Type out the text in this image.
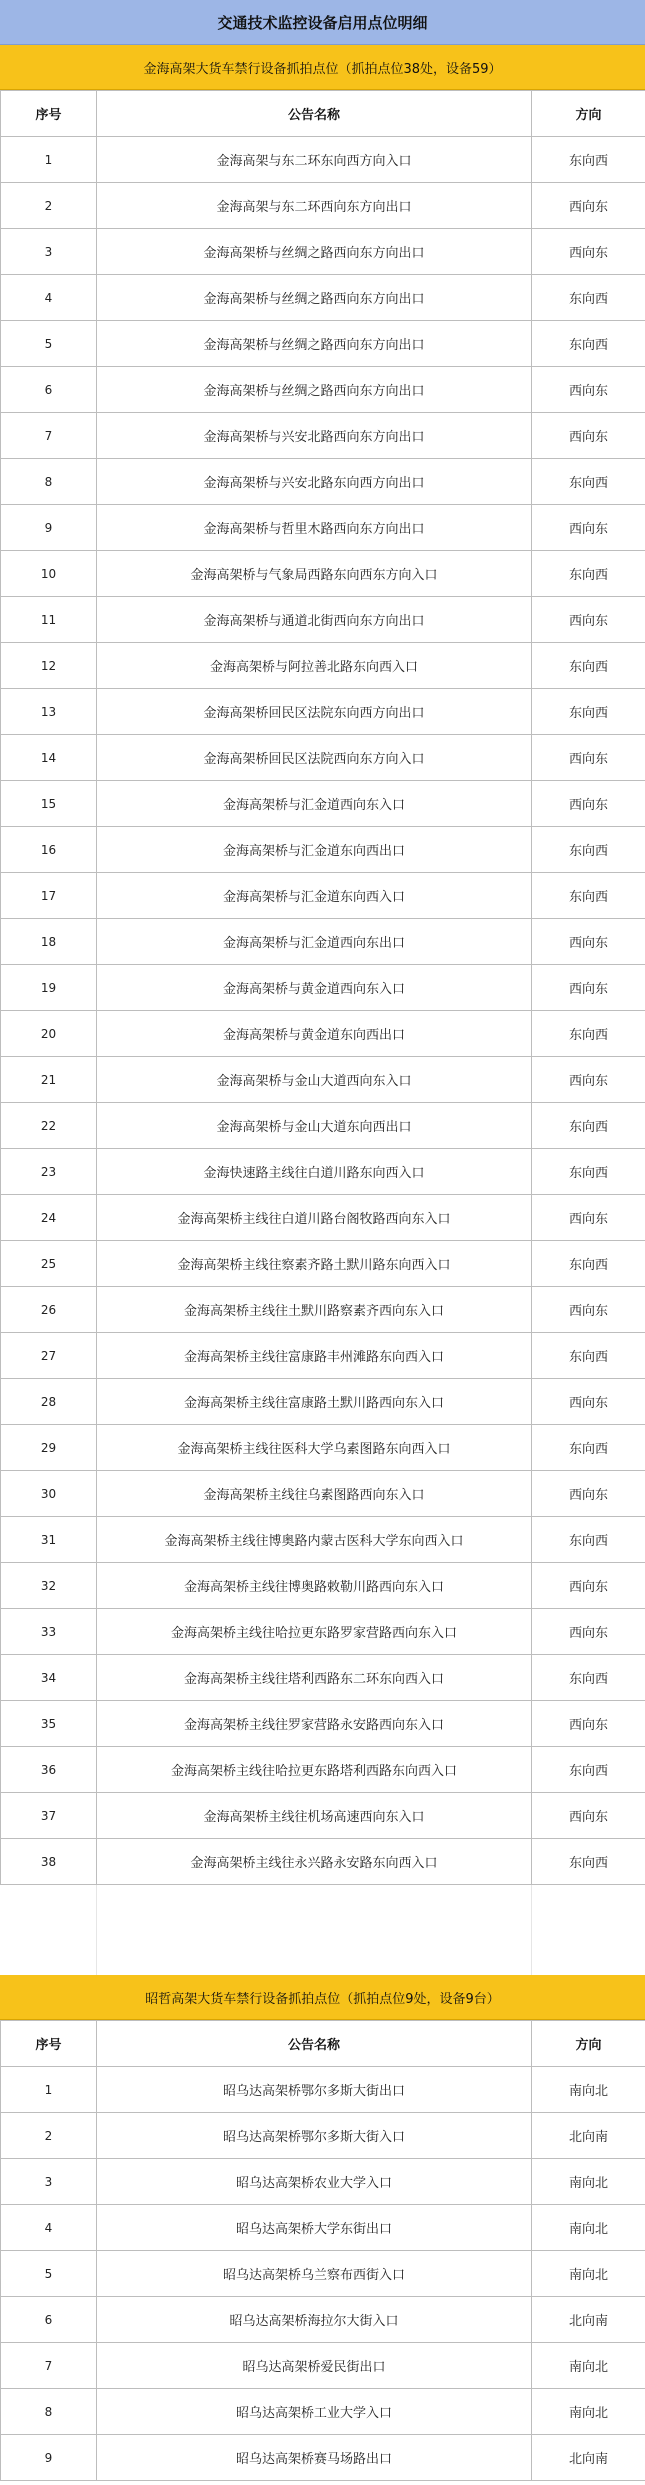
交通技术监控设备启用点位明细
金海高架大货车禁行设备抓拍点位（抓拍点位38处，设备59）
序号	公告名称	方向
1	金海高架与东二环东向西方向入口	东向西
2	金海高架与东二环西向东方向出口	西向东
3	金海高架桥与丝绸之路西向东方向出口	西向东
4	金海高架桥与丝绸之路西向东方向出口	东向西
5	金海高架桥与丝绸之路西向东方向出口	东向西
6	金海高架桥与丝绸之路西向东方向出口	西向东
7	金海高架桥与兴安北路西向东方向出口	西向东
8	金海高架桥与兴安北路东向西方向出口	东向西
9	金海高架桥与哲里木路西向东方向出口	西向东
10	金海高架桥与气象局西路东向西东方向入口	东向西
11	金海高架桥与通道北街西向东方向出口	西向东
12	金海高架桥与阿拉善北路东向西入口	东向西
13	金海高架桥回民区法院东向西方向出口	东向西
14	金海高架桥回民区法院西向东方向入口	西向东
15	金海高架桥与汇金道西向东入口	西向东
16	金海高架桥与汇金道东向西出口	东向西
17	金海高架桥与汇金道东向西入口	东向西
18	金海高架桥与汇金道西向东出口	西向东
19	金海高架桥与黄金道西向东入口	西向东
20	金海高架桥与黄金道东向西出口	东向西
21	金海高架桥与金山大道西向东入口	西向东
22	金海高架桥与金山大道东向西出口	东向西
23	金海快速路主线往白道川路东向西入口	东向西
24	金海高架桥主线往白道川路台阁牧路西向东入口	西向东
25	金海高架桥主线往察素齐路土默川路东向西入口	东向西
26	金海高架桥主线往土默川路察素齐西向东入口	西向东
27	金海高架桥主线往富康路丰州滩路东向西入口	东向西
28	金海高架桥主线往富康路土默川路西向东入口	西向东
29	金海高架桥主线往医科大学乌素图路东向西入口	东向西
30	金海高架桥主线往乌素图路西向东入口	西向东
31	金海高架桥主线往博奥路内蒙古医科大学东向西入口	东向西
32	金海高架桥主线往博奥路敕勒川路西向东入口	西向东
33	金海高架桥主线往哈拉更东路罗家营路西向东入口	西向东
34	金海高架桥主线往塔利西路东二环东向西入口	东向西
35	金海高架桥主线往罗家营路永安路西向东入口	西向东
36	金海高架桥主线往哈拉更东路塔利西路东向西入口	东向西
37	金海高架桥主线往机场高速西向东入口	西向东
38	金海高架桥主线往永兴路永安路东向西入口	东向西
昭哲高架大货车禁行设备抓拍点位（抓拍点位9处，设备9台）
序号	公告名称	方向
1	昭乌达高架桥鄂尔多斯大街出口	南向北
2	昭乌达高架桥鄂尔多斯大街入口	北向南
3	昭乌达高架桥农业大学入口	南向北
4	昭乌达高架桥大学东街出口	南向北
5	昭乌达高架桥乌兰察布西街入口	南向北
6	昭乌达高架桥海拉尔大街入口	北向南
7	昭乌达高架桥爱民街出口	南向北
8	昭乌达高架桥工业大学入口	南向北
9	昭乌达高架桥赛马场路出口	北向南
